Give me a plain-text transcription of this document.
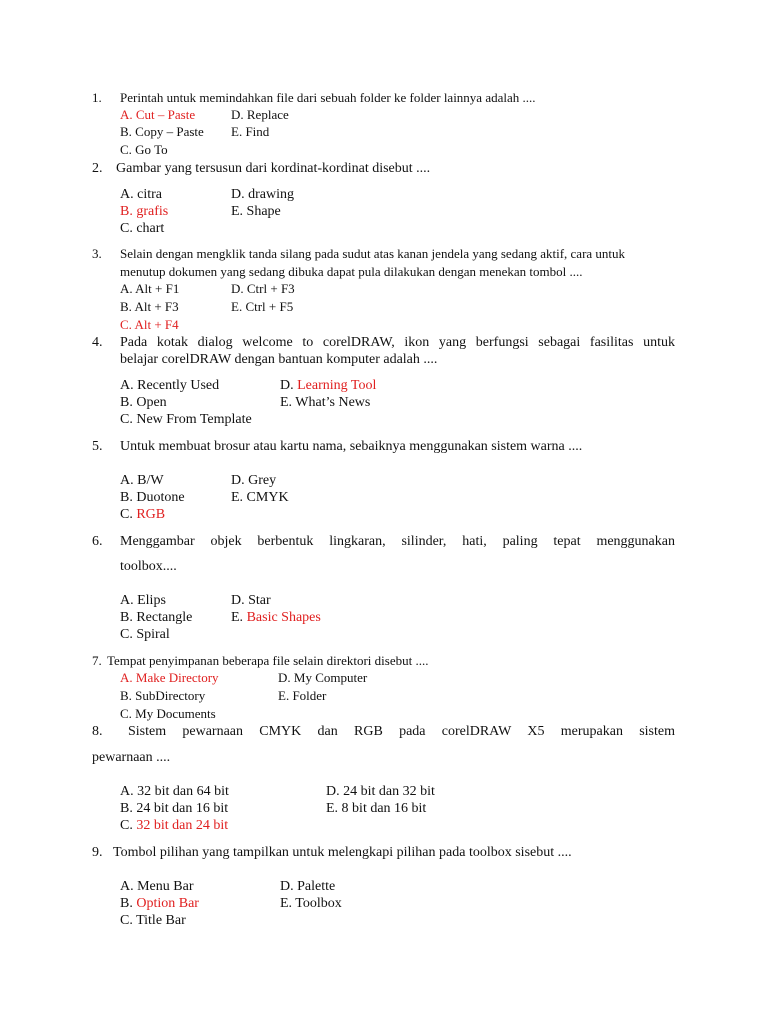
1. Perintah untuk memindahkan file dari sebuah folder ke folder lainnya adalah ....
A. Cut – Paste
B. Copy – Paste
C. Go To
D. Replace
E. Find
2. Gambar yang tersusun dari kordinat-kordinat disebut ....
A. citra
B. grafis
C. chart
D. drawing
E. Shape
3. Selain dengan mengklik tanda silang pada sudut atas kanan jendela yang sedang aktif, cara untuk
menutup dokumen yang sedang dibuka dapat pula dilakukan dengan menekan tombol ....
A. Alt + F1
B. Alt + F3
C. Alt + F4
D. Ctrl + F3
E. Ctrl + F5
4. Pada kotak dialog welcome to corelDRAW, ikon yang berfungsi sebagai fasilitas untuk
belajar corelDRAW dengan bantuan komputer adalah ....
A. Recently Used
B. Open
C. New From Template
D. Learning Tool
E. What’s News
5. Untuk membuat brosur atau kartu nama, sebaiknya menggunakan sistem warna ....
A. B/W
B. Duotone
C. RGB
D. Grey
E. CMYK
6. Menggambar objek berbentuk lingkaran, silinder, hati, paling tepat menggunakan
toolbox....
A. Elips
B. Rectangle
C. Spiral
D. Star
E. Basic Shapes
7. Tempat penyimpanan beberapa file selain direktori disebut ....
A. Make Directory
B. SubDirectory
C. My Documents
D. My Computer
E. Folder
8. Sistem pewarnaan CMYK dan RGB pada corelDRAW X5 merupakan sistem
pewarnaan ....
A. 32 bit dan 64 bit
B. 24 bit dan 16 bit
C. 32 bit dan 24 bit
D. 24 bit dan 32 bit
E. 8 bit dan 16 bit
9. Tombol pilihan yang tampilkan untuk melengkapi pilihan pada toolbox sisebut ....
A. Menu Bar
B. Option Bar
C. Title Bar
D. Palette
E. Toolbox
